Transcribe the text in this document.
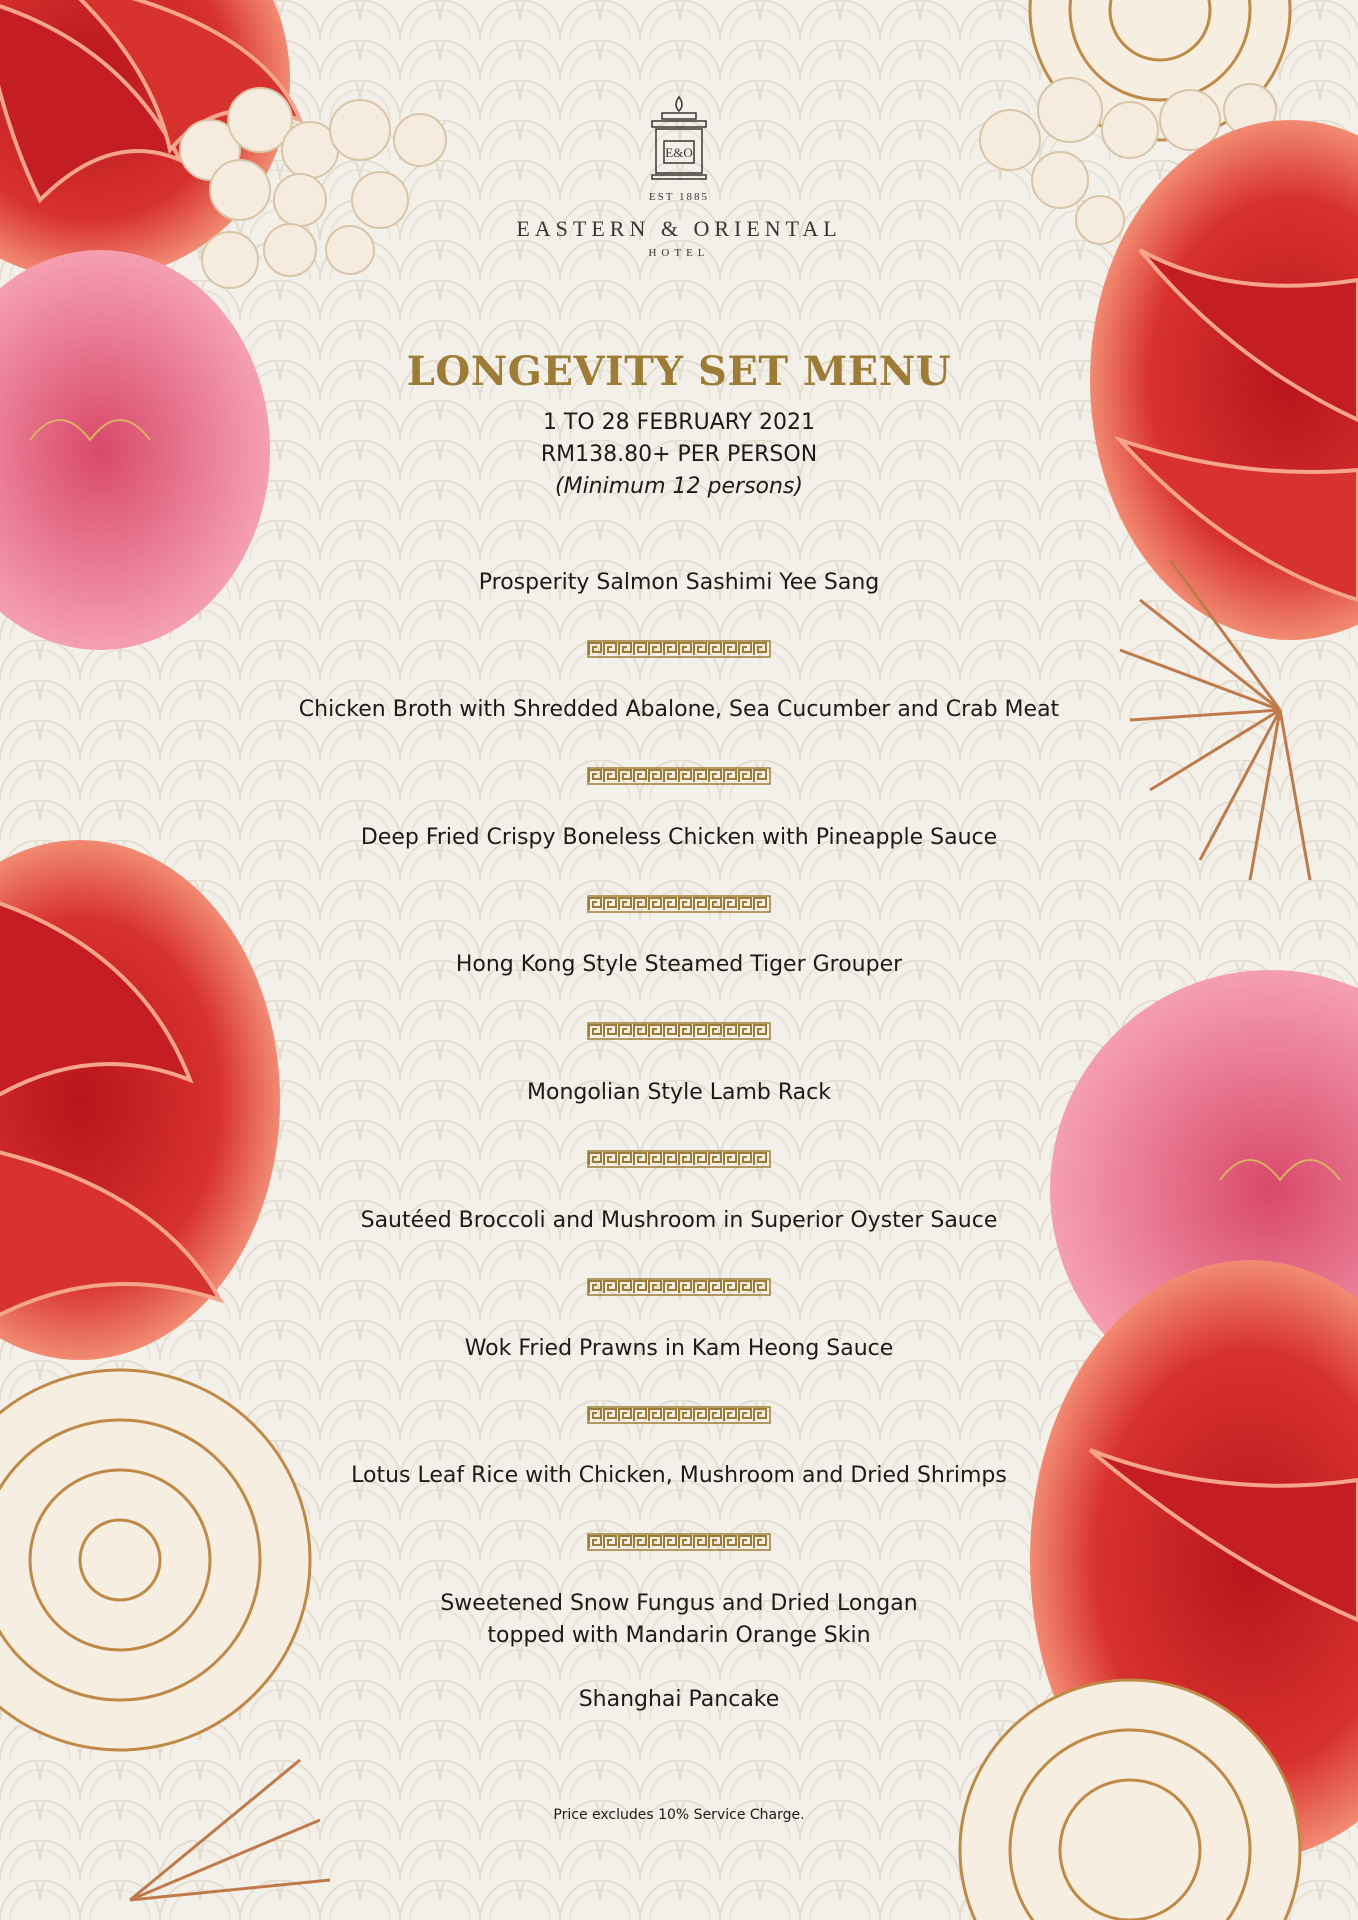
E&O
EST 1885
EASTERN & ORIENTAL
HOTEL
LONGEVITY SET MENU
1 TO 28 FEBRUARY 2021
RM138.80+ PER PERSON
(Minimum 12 persons)
Prosperity Salmon Sashimi Yee Sang
Chicken Broth with Shredded Abalone, Sea Cucumber and Crab Meat
Deep Fried Crispy Boneless Chicken with Pineapple Sauce
Hong Kong Style Steamed Tiger Grouper
Mongolian Style Lamb Rack
Sautéed Broccoli and Mushroom in Superior Oyster Sauce
Wok Fried Prawns in Kam Heong Sauce
Lotus Leaf Rice with Chicken, Mushroom and Dried Shrimps
Sweetened Snow Fungus and Dried Longan
topped with Mandarin Orange Skin
Shanghai Pancake
Price excludes 10% Service Charge.
